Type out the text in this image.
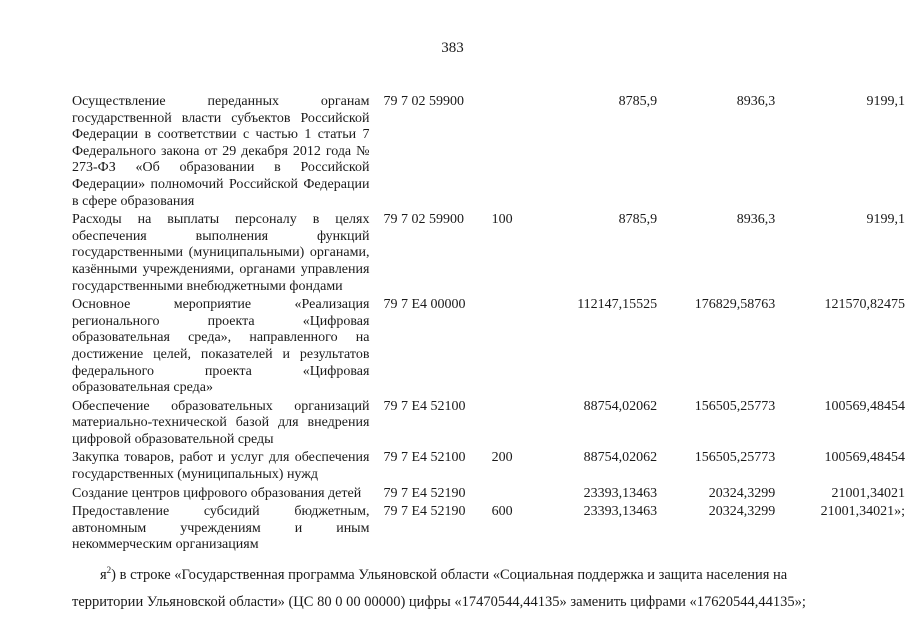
383
Осуществление переданных органам государственной власти субъектов Российской Федерации в соответствии с частью 1 статьи 7 Федерального закона от 29 декабря 2012 года № 273-ФЗ «Об образовании в Российской Федерации» полномочий Российской Федерации в сфере образования	79 7 02 59900		8785,9	8936,3	9199,1
Расходы на выплаты персоналу в целях обеспечения выполнения функций государственными (муниципальными) органами, казёнными учреждениями, органами управления государственными внебюджетными фондами	79 7 02 59900	100	8785,9	8936,3	9199,1
Основное мероприятие «Реализация регионального проекта «Цифровая образовательная среда», направленного на достижение целей, показателей и результатов федерального проекта «Цифровая образовательная среда»	79 7 E4 00000		112147,15525	176829,58763	121570,82475
Обеспечение образовательных организаций материально-технической базой для внедрения цифровой образовательной среды	79 7 E4 52100		88754,02062	156505,25773	100569,48454
Закупка товаров, работ и услуг для обеспечения государственных (муниципальных) нужд	79 7 E4 52100	200	88754,02062	156505,25773	100569,48454
Создание центров цифрового образования детей	79 7 E4 52190		23393,13463	20324,3299	21001,34021
Предоставление субсидий бюджетным, автономным учреждениям и иным некоммерческим организациям	79 7 E4 52190	600	23393,13463	20324,3299	21001,34021»;
$я^2$) в строке «Государственная программа Ульяновской области «Социальная поддержка и защита населения на
территории Ульяновской области» (ЦС 80 0 00 00000) цифры «17470544,44135» заменить цифрами «17620544,44135»;
